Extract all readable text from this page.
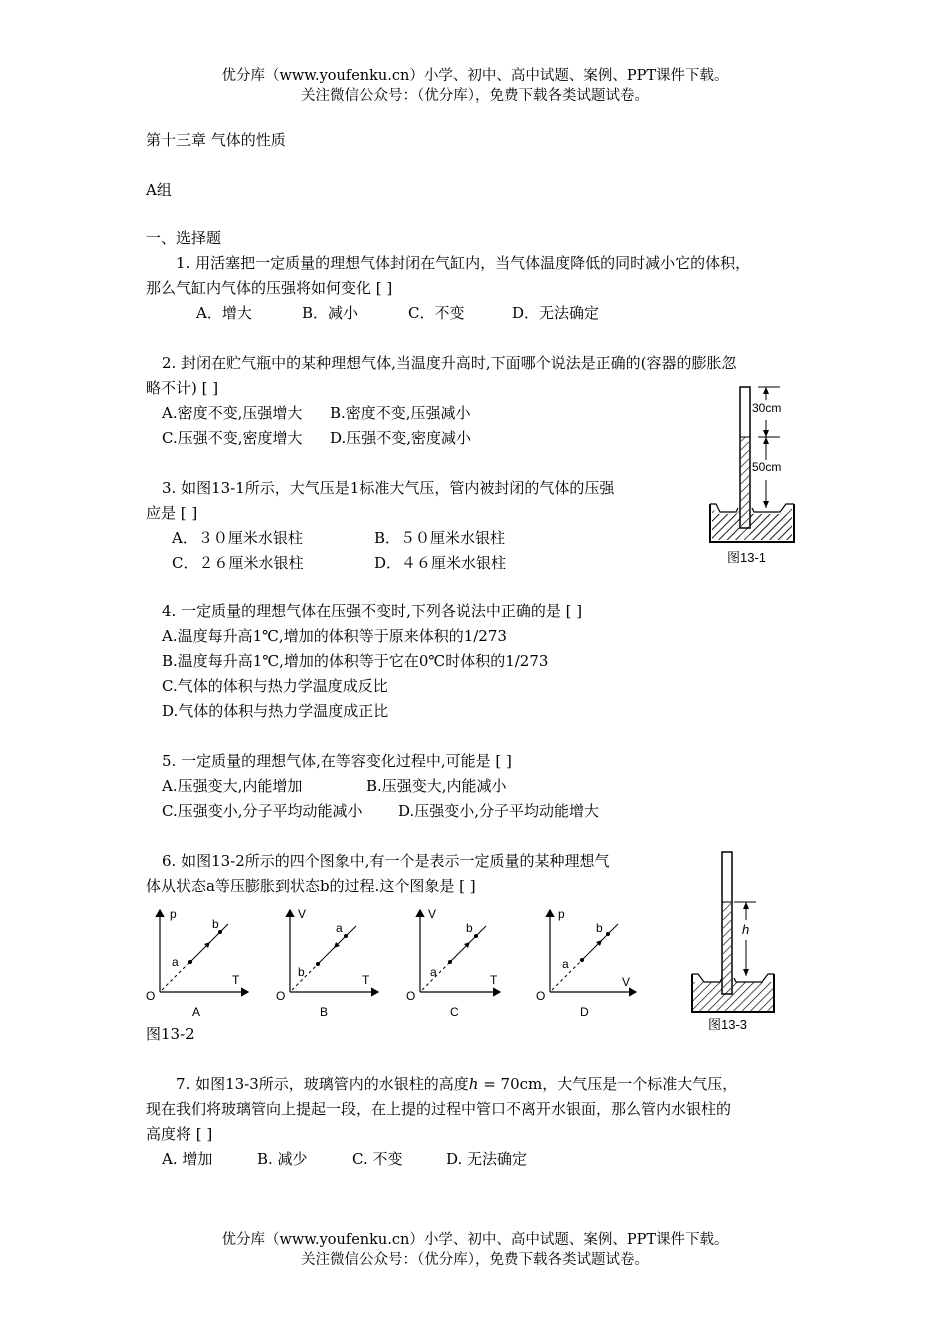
优分库（www.youfenku.cn）小学、初中、高中试题、案例、PPT课件下载。
关注微信公众号：（优分库），免费下载各类试题试卷。
第十三章 气体的性质
A组
一、选择题
1. 用活塞把一定质量的理想气体封闭在气缸内，当气体温度降低的同时减小它的体积，
那么气缸内气体的压强将如何变化 [ ]
A．增大	B．减小	C．不变	D．无法确定
2. 封闭在贮气瓶中的某种理想气体,当温度升高时,下面哪个说法是正确的(容器的膨胀忽
略不计) [ ]
A.密度不变,压强增大 B.密度不变,压强减小
C.压强不变,密度增大 D.压强不变,密度减小
3. 如图13-1所示，大气压是1标准大气压，管内被封闭的气体的压强
应是 [ ]
A．３０厘米水银柱	B．５０厘米水银柱
C．２６厘米水银柱	D．４６厘米水银柱
30cm
50cm
图13-1
4. 一定质量的理想气体在压强不变时,下列各说法中正确的是 [ ]
A.温度每升高1℃,增加的体积等于原来体积的1/273
B.温度每升高1℃,增加的体积等于它在0℃时体积的1/273
C.气体的体积与热力学温度成反比
D.气体的体积与热力学温度成正比
5. 一定质量的理想气体,在等容变化过程中,可能是 [ ]
A.压强变大,内能增加	B.压强变大,内能减小
C.压强变小,分子平均动能减小 D.压强变小,分子平均动能增大
6. 如图13-2所示的四个图象中,有一个是表示一定质量的某种理想气
体从状态a等压膨胀到状态b的过程.这个图象是 [ ]
p
T
a
b
O
A
V
T
b
a
O
B
V
T
a
b
O
C
p
V
a
b
O
D
图13-2
h
图13-3
7. 如图13-3所示，玻璃管内的水银柱的高度h = 70cm，大气压是一个标准大气压，
现在我们将玻璃管向上提起一段，在上提的过程中管口不离开水银面，那么管内水银柱的
高度将 [ ]
A. 增加	B. 减少	C. 不变	D. 无法确定
优分库（www.youfenku.cn）小学、初中、高中试题、案例、PPT课件下载。
关注微信公众号：（优分库），免费下载各类试题试卷。
